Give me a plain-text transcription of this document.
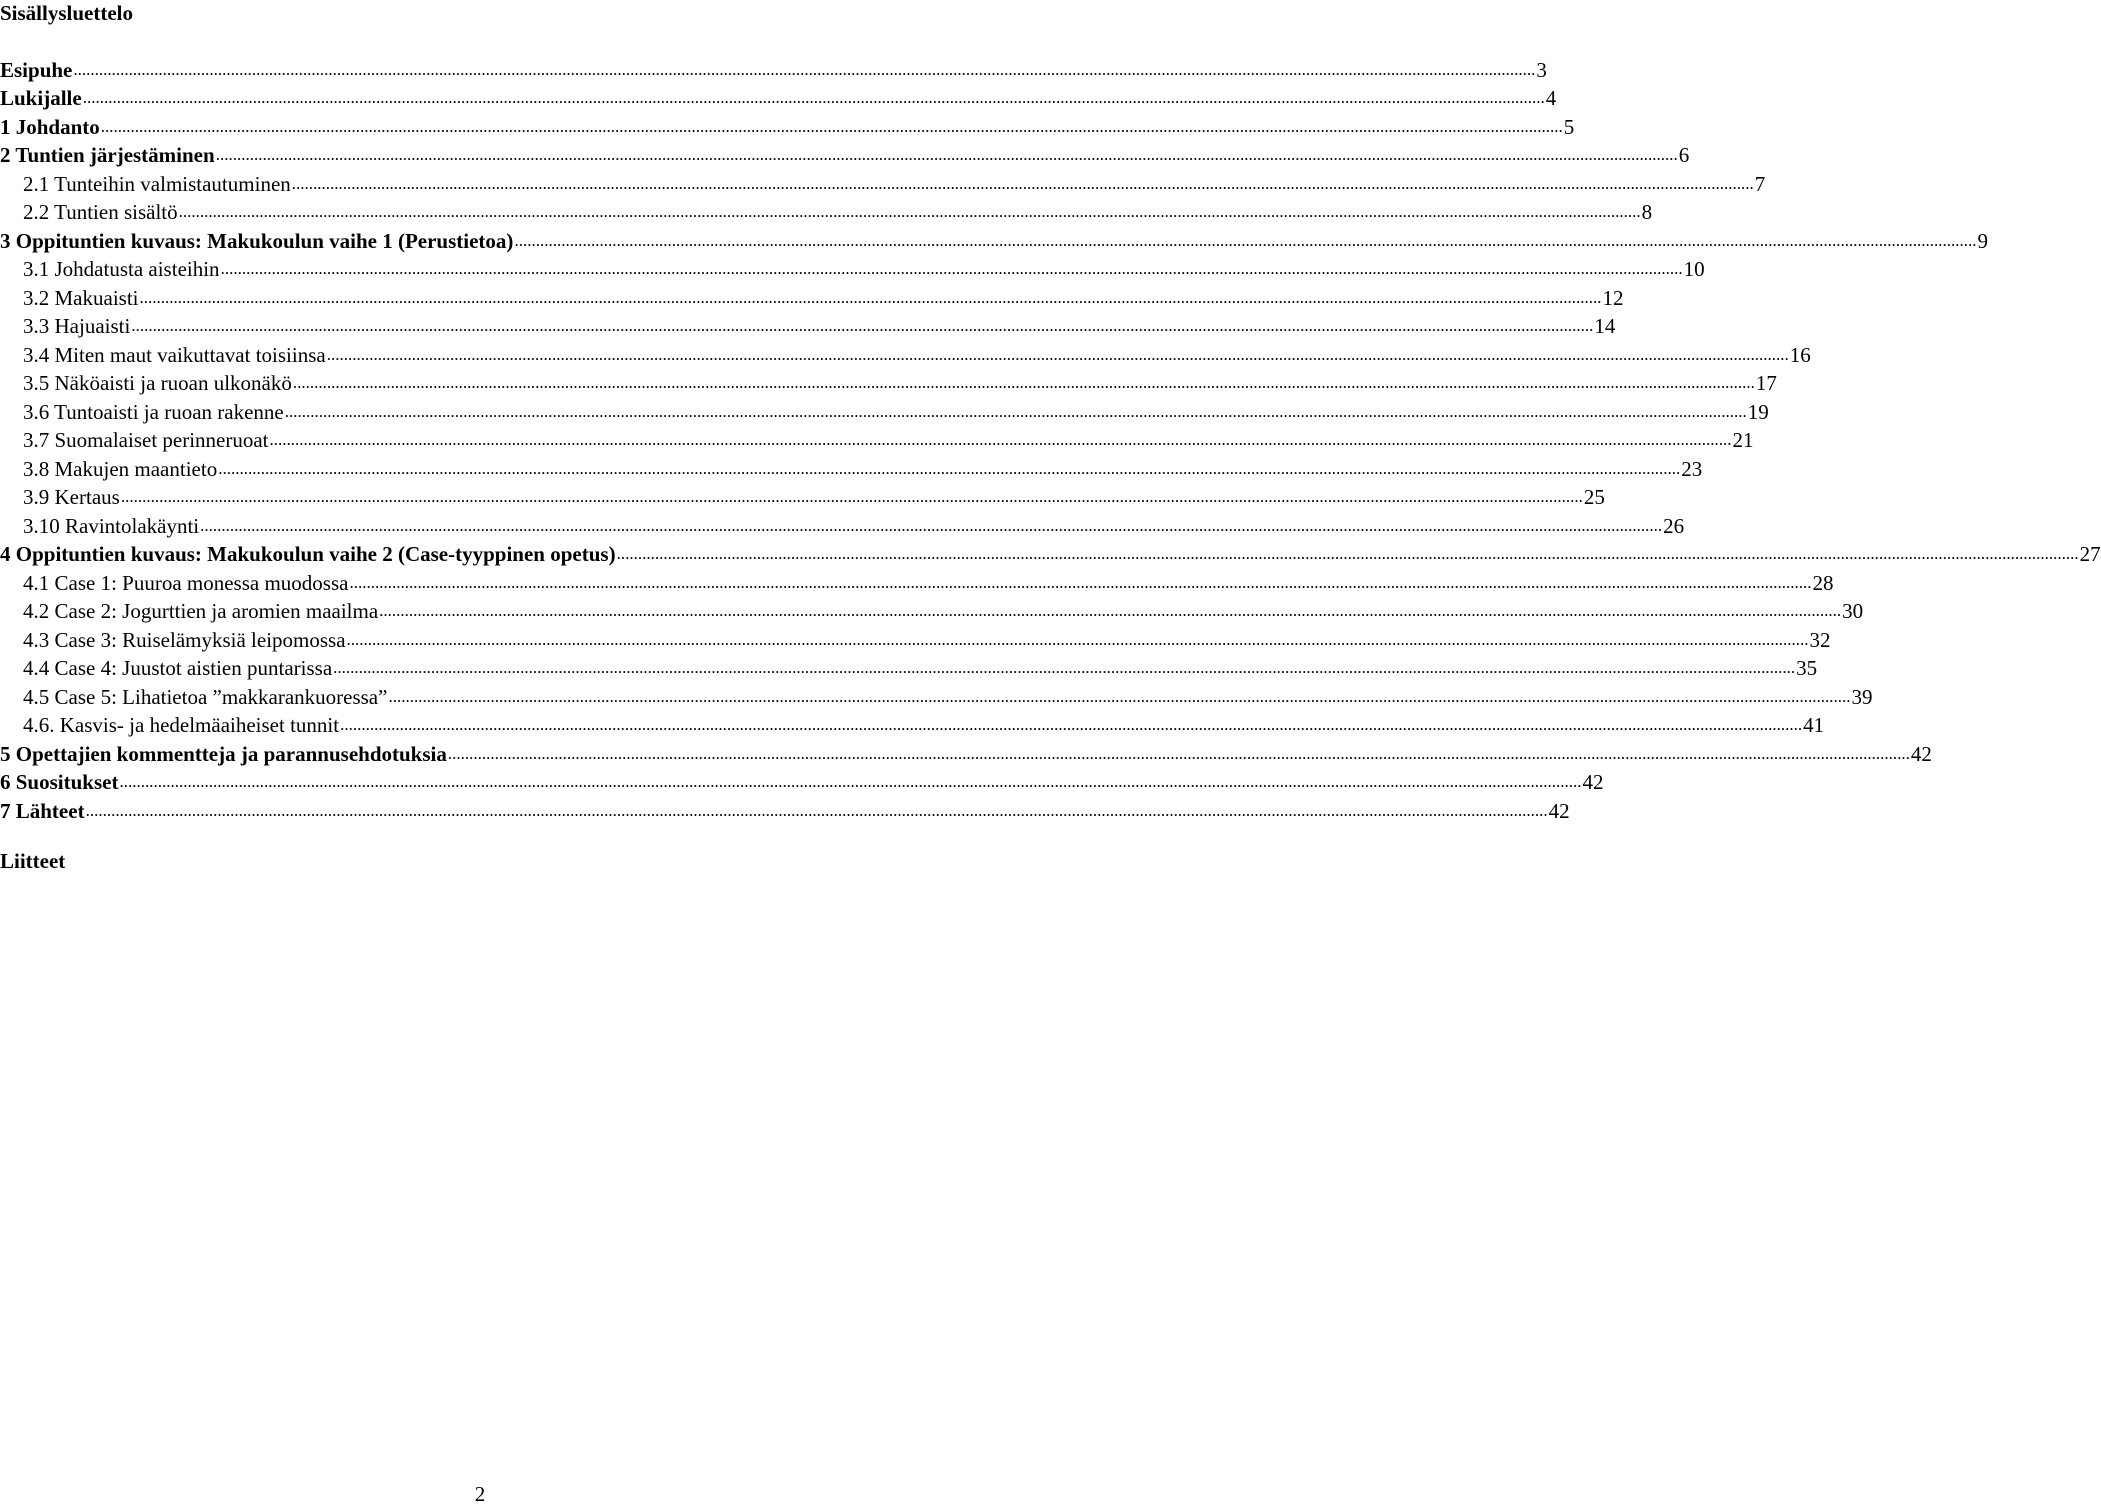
Sisällysluettelo
Esipuhe .....	3
Lukijalle .....	4
1 Johdanto .....	5
2 Tuntien järjestäminen .....	6
2.1 Tunteihin valmistautuminen .....	7
2.2 Tuntien sisältö .....	8
3 Oppituntien kuvaus: Makukoulun vaihe 1 (Perustietoa) .....	9
3.1 Johdatusta aisteihin .....	10
3.2 Makuaisti .....	12
3.3 Hajuaisti .....	14
3.4 Miten maut vaikuttavat toisiinsa .....	16
3.5 Näköaisti ja ruoan ulkonäkö .....	17
3.6 Tuntoaisti ja ruoan rakenne .....	19
3.7 Suomalaiset perinneruoat .....	21
3.8 Makujen maantieto .....	23
3.9 Kertaus .....	25
3.10 Ravintolakäynti .....	26
4 Oppituntien kuvaus: Makukoulun vaihe 2 (Case-tyyppinen opetus) .....	27
4.1 Case 1: Puuroa monessa muodossa .....	28
4.2 Case 2: Jogurttien ja aromien maailma .....	30
4.3 Case 3: Ruiselämyksiä leipomossa .....	32
4.4 Case 4: Juustot aistien puntarissa .....	35
4.5 Case 5: Lihatietoa ”makkarankuoressa” .....	39
4.6. Kasvis- ja hedelmäaiheiset tunnit .....	41
5 Opettajien kommentteja ja parannusehdotuksia .....	42
6 Suositukset .....	42
7 Lähteet .....	42
Liitteet
2
